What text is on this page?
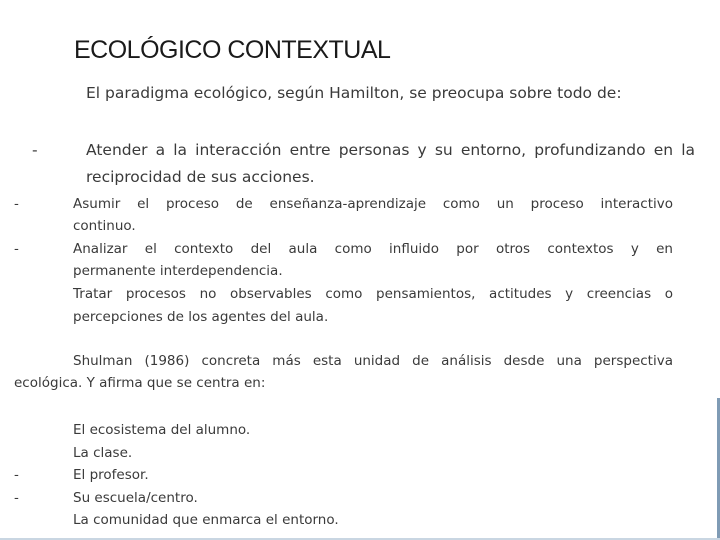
ECOLÓGICO CONTEXTUAL
El paradigma ecológico, según Hamilton, se preocupa sobre todo de:
-	Atender a la interacción entre personas y su entorno, profundizando en la
reciprocidad de sus acciones.
-	Asumir el proceso de enseñanza-aprendizaje como un proceso interactivo
continuo.
-	Analizar el contexto del aula como influido por otros contextos y en
permanente interdependencia.
Tratar procesos no observables como pensamientos, actitudes y creencias o
percepciones de los agentes del aula.
Shulman (1986) concreta más esta unidad de análisis desde una perspectiva
ecológica. Y afirma que se centra en:
El ecosistema del alumno.
La clase.
-	El profesor.
-	Su escuela/centro.
La comunidad que enmarca el entorno.
